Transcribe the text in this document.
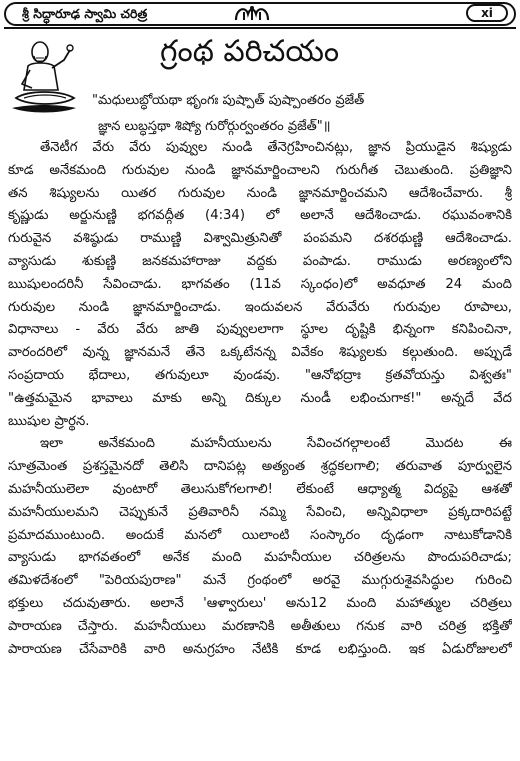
శ్రీ సిద్ధారూఢ స్వామి చరిత్ర	xi
గ్రంథ పరిచయం
"మధులుబ్ధోయథా భృంగః పుష్పాత్ పుష్పాంతరం వ్రజేత్
జ్ఞాన లుబ్ధస్తథా శిష్యో గురోర్గుర్వంతరం వ్రజేత్"॥
తేనెటీగ వేరు వేరు పువ్వుల నుండి తేనెగ్రహించినట్లు, జ్ఞాన ప్రియుడైన శిష్యుడు
కూడ అనేకమంది గురువుల నుండి జ్ఞానమార్జించాలని గురుగీత చెబుతుంది. ప్రతిజ్ఞాని
తన శిష్యులను యితర గురువుల నుండి జ్ఞానమార్జించమని ఆదేశించేవారు. శ్రీ
కృష్ణుడు అర్జునుణ్ణి భగవద్గీత (4:34) లో అలానే ఆదేశించాడు. రఘువంశానికి
గురువైన వశిష్ఠుడు రాముణ్ణి విశ్వామిత్రునితో పంపమని దశరథుణ్ణి ఆదేశించాడు.
వ్యాసుడు శుకుణ్ణి జనకమహారాజు వద్దకు పంపాడు. రాముడు అరణ్యంలోని
ఋషులందరినీ సేవించాడు. భాగవతం (11వ స్కంధం)లో అవధూత 24 మంది
గురువుల నుండి జ్ఞానమార్జించాడు. ఇందువలన వేరువేరు గురువుల రూపాలు,
విధానాలు - వేరు వేరు జాతి పువ్వులలాగా స్థూల దృష్టికి భిన్నంగా కనిపించినా,
వారందరిలో వున్న జ్ఞానమనే తేనె ఒక్కటేనన్న వివేకం శిష్యులకు కల్గుతుంది. అప్పుడే
సంప్రదాయ భేదాలు, తగువులూ వుండవు. "ఆనోభద్రాః క్రతవోయన్తు విశ్వతః"
"ఉత్తమమైన భావాలు మాకు అన్ని దిక్కుల నుండీ లభించుగాక!" అన్నదే వేద
ఋషుల ప్రార్థన.
ఇలా అనేకమంది మహనీయులను సేవించగల్గాలంటే మొదట ఈ
సూత్రమెంత ప్రశస్తమైనదో తెలిసి దానిపట్ల అత్యంత శ్రద్ధకలగాలి; తరువాత పూర్వులైన
మహనీయులెలా వుంటారో తెలుసుకోగలగాలి! లేకుంటే ఆధ్యాత్మ విద్యపై ఆశతో
మహనీయులమని చెప్పుకునే ప్రతివారినీ నమ్మి సేవించి, అన్నివిధాలా ప్రక్కదారిపట్టే
ప్రమాదముంటుంది. అందుకే మనలో యిలాంటి సంస్కారం దృఢంగా నాటుకోడానికి
వ్యాసుడు భాగవతంలో అనేక మంది మహనీయుల చరిత్రలను పొందుపరిచాడు;
తమిళదేశంలో "పెరియపురాణ" మనే గ్రంథంలో అరవై ముగ్గురుశైవసిద్ధుల గురించి
భక్తులు చదువుతారు. అలానే 'ఆళ్వారులు' అను12 మంది మహాత్ముల చరిత్రలు
పారాయణ చేస్తారు. మహనీయులు మరణానికి అతీతులు గనుక వారి చరిత్ర భక్తితో
పారాయణ చేసేవారికి వారి అనుగ్రహం నేటికి కూడ లభిస్తుంది. ఇక ఏడురోజులలో
